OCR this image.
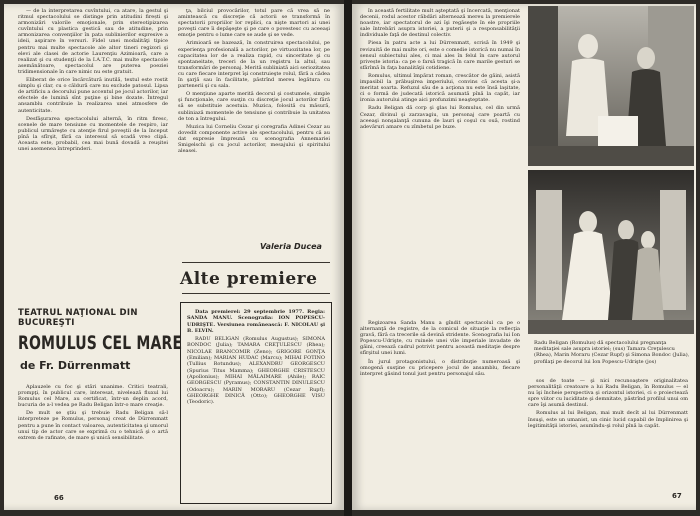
— de la interpretarea cuvîntului, ca atare, la gestul şi ritmul spectacolului se distinge prin atitudini firești şi armonizări valorile emoţionale, prin stereotipizarea cuvîntului cu plastica gestică sau de atitudine, prin armonizarea convenţiilor în pata sublinierilor expresive a ideii, aspirare în versuri. Fidel unei modalităţi tipice pentru mai multe spectacole ale altor tineri regizori şi elevi ale clasei de actorie Laurenţiu Azimioară, care a realizat şi cu studenţii de la I.A.T.C. mai multe spectacole asemănătoare, spectacolul are puterea poeziei tridimensionale în care nimic nu este gratuit.

Eliberat de orice încărcătură inutilă, textul este rostit simplu şi clar, cu o căldură care nu exclude patosul. Lipsa de artificiu a decorului pune accentul pe jocul actorilor, iar efectele de lumină sînt puţine şi bine dozate. Întregul ansamblu contribuie la realizarea unei atmosfere de autenticitate.

Desfăşurarea spectacolului alternă, în ritm firesc, scenele de mare tensiune cu momentele de respiro, iar publicul urmăreşte cu atenţie firul poveştii de la început pînă la sfîrşit, fără ca interesul să scadă vreo clipă. Aceasta este, probabil, cea mai bună dovadă a reuşitei unei asemenea întreprinderi.

ţa, bilciul provocărilor, totul pare că vrea să ne amintească cu discreţie că actorii se transformă în spectatorii propriilor lor replici, ca nişte martori ai unei poveşti care îi depăşeşte şi pe care o povestesc cu aceeaşi emoţie pentru o lume care se aude şi se vede.

Arimioară se bazează, în construirea spectacolului, pe experienţa profesională a actorilor, pe virtuozitatea lor, pe capacitatea lor de a realiza rapid, cu sinceritate şi cu spontaneitate, treceri de la un registru la altul, sau transformări de personaj. Merită subliniată aici seriozitatea cu care fiecare interpret îşi construieşte rolul, fără a cădea în şarjă sau în facilitate, păstrînd mereu legătura cu partenerii şi cu sala.

O menţiune aparte merită decorul şi costumele, simple şi funcţionale, care susţin cu discreţie jocul actorilor fără să se substituie acestuia. Muzica, folosită cu măsură, subliniază momentele de tensiune şi contribuie la unitatea de ton a întregului.

Muzica lui Corneliu Cezar şi coregrafia Adinei Cezar au dovedit componente active ale spectacolului, pentru că au dat expresie împreună cu scenografia Annemariei Smigelschi şi cu jocul actorilor, mesajului şi spiritului aleasei.

Valeria Ducea
Alte premiere
TEATRUL NAŢIONAL DIN BUCUREŞTI
ROMULUS CEL MARE
de Fr. Dürrenmatt

Aplauzele cu foc şi stări unanime. Critici teatrali, prompţi, în publicul care, interesat, nivelează fluxul lui Romulus cel Mare, au certificat, într-un deplin acord, bucuria de a-l vedea pe Radu Beligan într-o mare creaţie.

De mult se ştiu şi trebuie Radu Beligan să-l interpreteze pe Romulus, personaj creat de Dürrenmatt pentru a pune în contact valoarea, autenticitatea şi umorul unui tip de actor care se exprimă cu o tehnică şi o artă extrem de rafinate, de mare şi unică sensibilitate.

Data premierei: 29 septembrie 1977. Regia: SANDA MANU. Scenografia: ION POPESCU-UDRIŞTE. Versiunea românească: F. NICOLAU şi B. ELVIN.

RADU BELIGAN (Romulus Augustus); SIMONA BONDOC (Julia); TAMARA CREŢULESCU (Rhea); NICOLAE BRANCOMIR (Zeno); GRIGORE GONŢA (Emilian); MARIAN HUDAC (Marcu); MIHAI FOTINO (Tullius Rotundus); ALEXANDRU GEORGESCU (Spurius Titus Mamma); GHEORGHE CRISTESCU (Apollonius); MIHAI MĂLAIMARE (Ahile); RAIC GEORGESCU (Pyramus); CONSTANTIN DINULESCU (Odoacru); MARIN MORARU (Cezar Rupf); GHEORGHE DINICĂ (Otto); GHEORGHE VISU (Teodoric).

66

în această fertilitate mult aşteptată şi încercată, menţionat decenii, rodul acestor răbdări alternează mereu la premierele noastre, iar spectatorul de azi îşi regăseşte în ele propriile sale întrebări asupra istoriei, a puterii şi a responsabilităţii individuale faţă de destinul colectiv.

Piesa în patru acte a lui Dürrenmatt, scrisă în 1949 şi revizuită de mai multe ori, este o comedie istorică nu numai în sensul subiectului ales, ci mai ales în felul în care autorul privește istoria: ca pe o farsă tragică în care marile gesturi se sfărîmă în faţa banalităţii cotidiene.

Romulus, ultimul împărat roman, crescător de găini, asistă impasibil la prăbuşirea imperiului, convins că acesta şi-a meritat soarta. Refuzul său de a acţiona nu este însă laşitate, ci o formă de judecată istorică asumată pînă la capăt, iar ironia autorului atinge aici profunzimi neaşteptate.

Radu Beligan dă corp şi glas lui Romulus, cel din urmă Cezar, divinul şi zarzavagiu, un personaj care poartă cu aceeaşi nonşalanţă cununa de lauri şi coşul cu ouă, rostind adevăruri amare cu zîmbetul pe buze.

Regizoarea Sanda Manu a gîndit spectacolul ca pe o alternanţă de registre, de la comicul de situaţie la reflecţia gravă, fără ca trecerile să devină stridente. Scenografia lui Ion Popescu-Udrişte, cu ruinele unei vile imperiale invadate de găini, creează cadrul potrivit pentru această meditaţie despre sfîrşitul unei lumi.

În jurul protagonistului, o distribuţie numeroasă şi omogenă susţine cu pricepere jocul de ansamblu, fiecare interpret găsind tonul just pentru personajul său.

Radu Beligan (Romulus) dă spectacolului pregnanţa meditaţiei sale asupra istoriei; (sus) Tamara Creţulescu (Rhea), Marin Moraru (Cezar Rupf) şi Simona Bondoc (Julia), profilaţi pe decorul lui Ion Popescu-Udrişte (jos)

sos de toate — şi nici recunoaştere originalitatea personalităţii creatoare a lui Radu Beligan, în Romulus — el nu îşi încheie perspectiva şi orizontul istoriei, ci o proiectează spre viitor cu luciditate şi demnitate, păstrînd profilul unui om care îşi asumă destinul.

Romulus al lui Beligan, mai mult decît al lui Dürrenmatt însuşi, este un umanist, un cinic lucid capabil de împlinirea şi legitimităţii istoriei, asumîndu-şi rolul pînă la capăt.

67
